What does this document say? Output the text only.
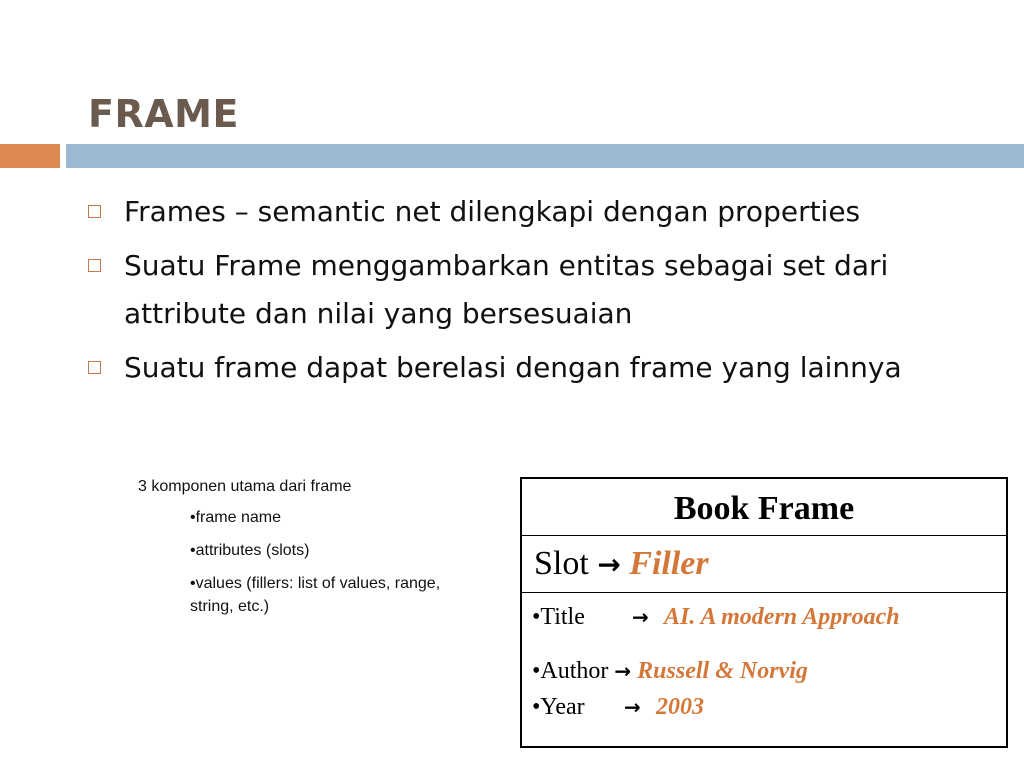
FRAME
Frames – semantic net dilengkapi dengan properties
Suatu Frame menggambarkan entitas sebagai set dari attribute dan nilai yang bersesuaian
Suatu frame dapat berelasi dengan frame yang lainnya
3 komponen utama dari frame
•frame name
•attributes (slots)
•values (fillers: list of values, range, string, etc.)
Book Frame
Slot → Filler
•Title → AI. A modern Approach
•Author → Russell & Norvig
•Year → 2003
